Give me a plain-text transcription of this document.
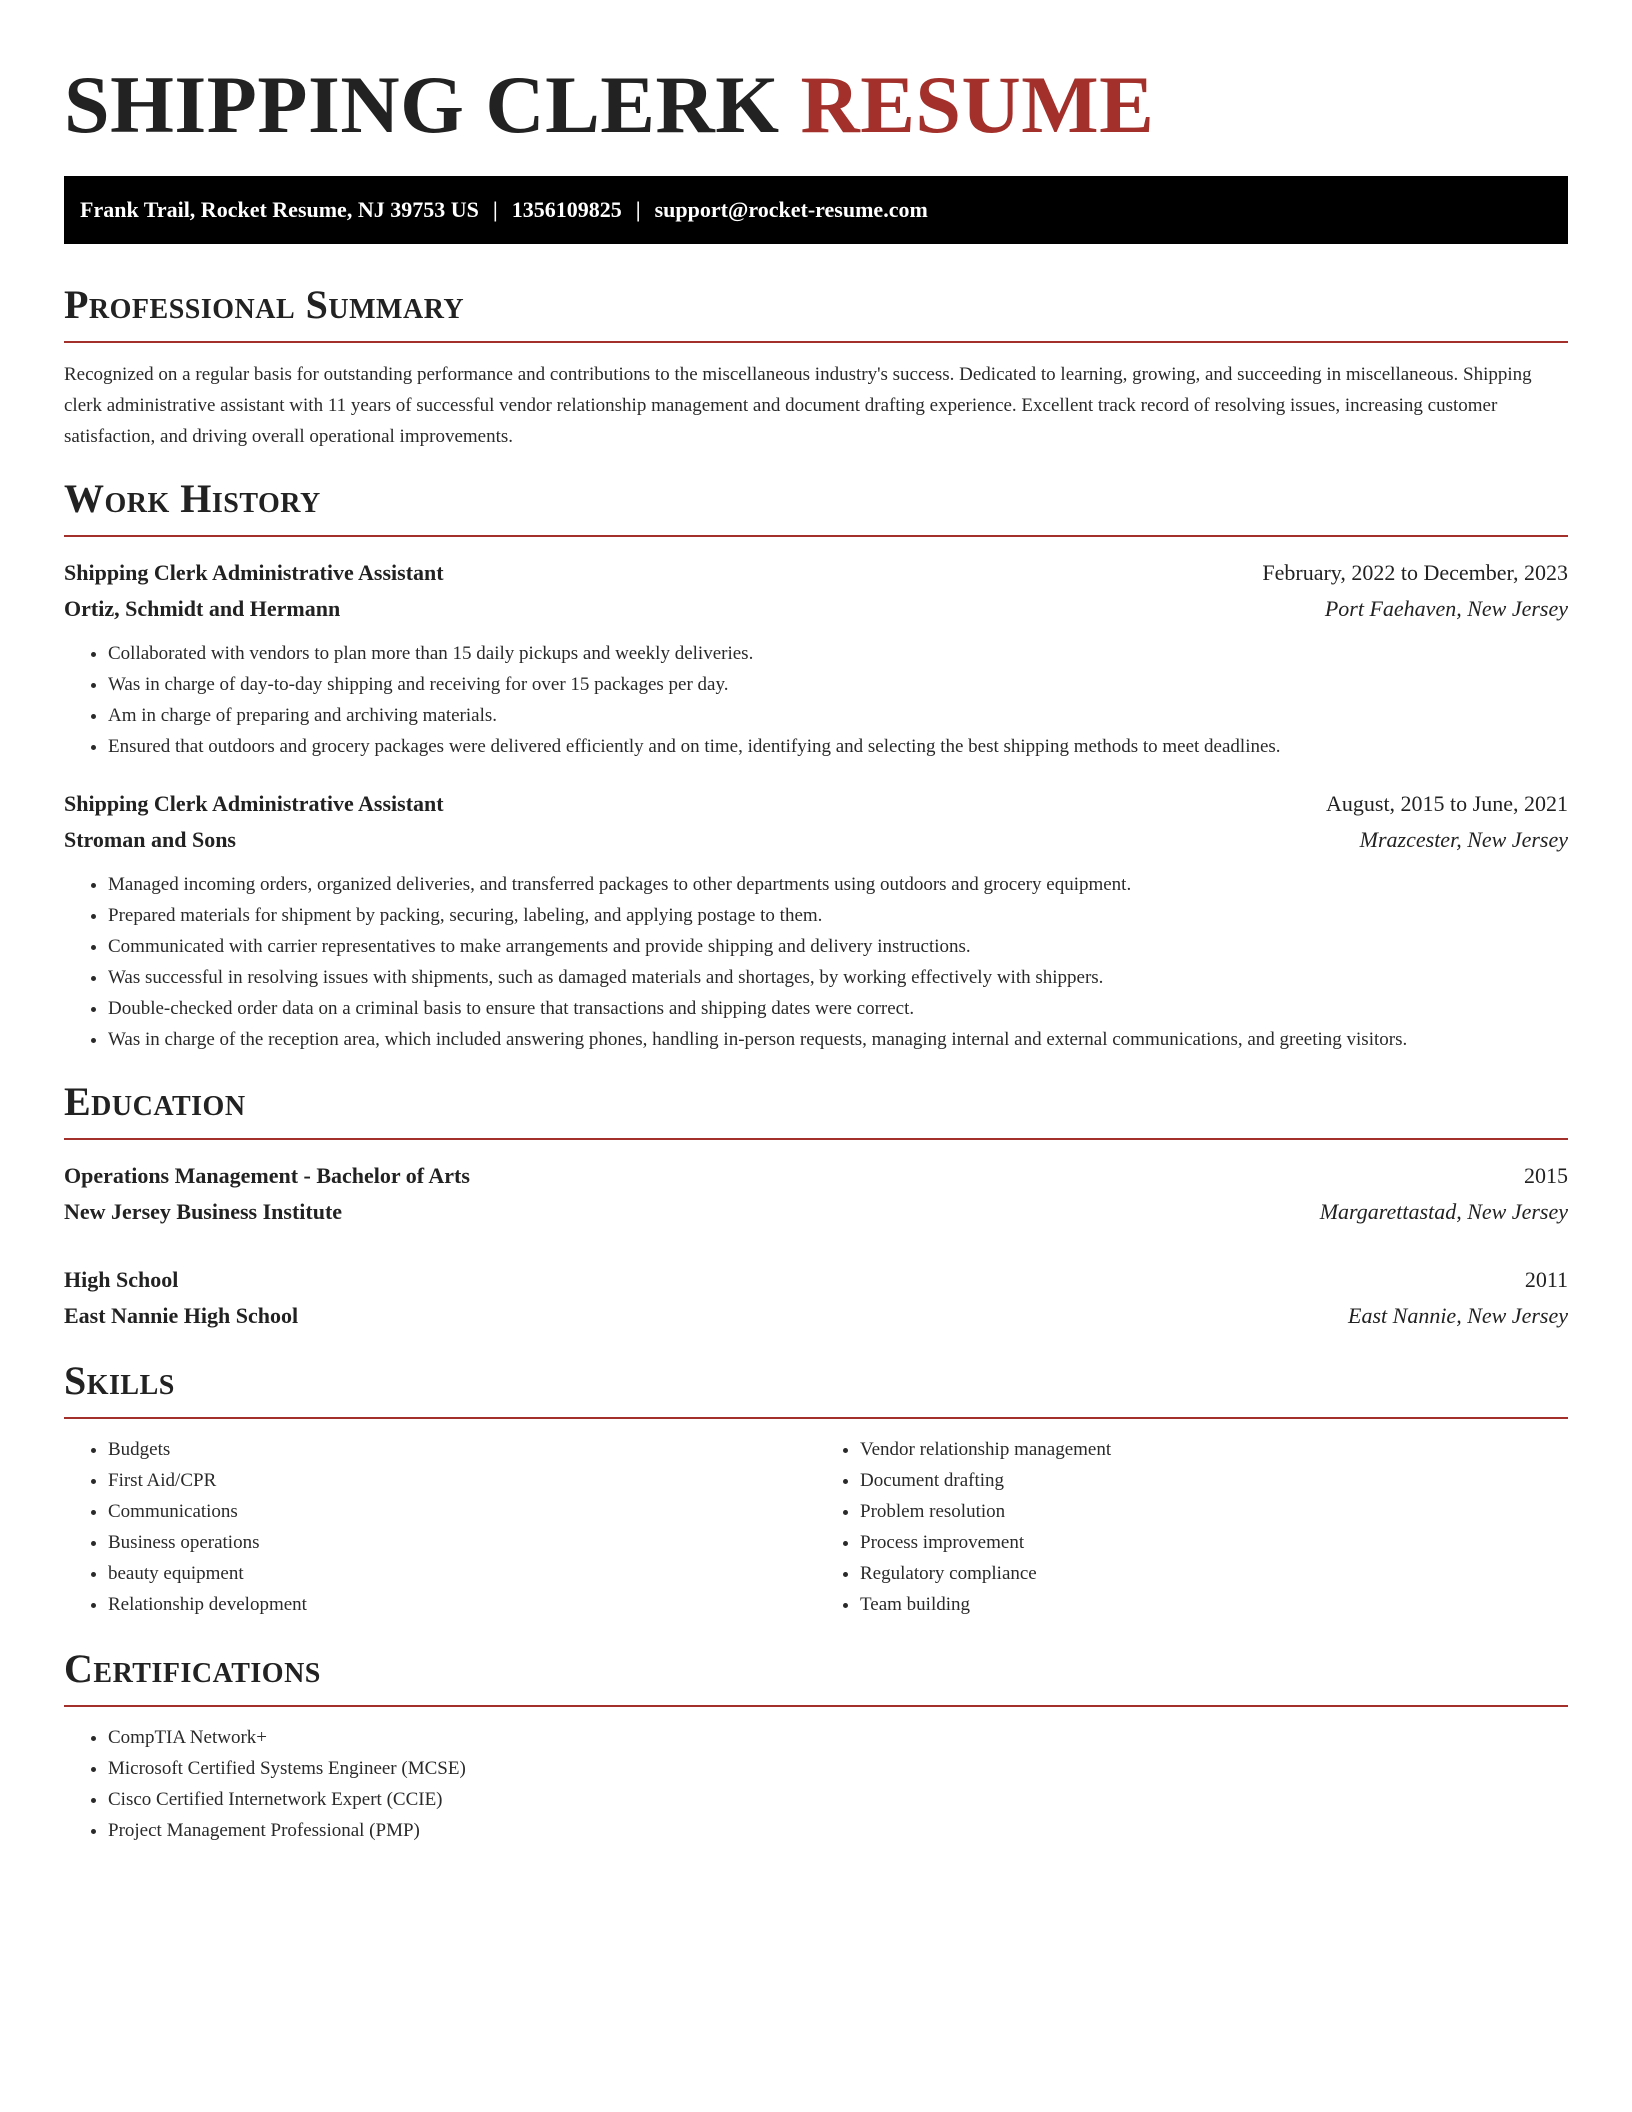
SHIPPING CLERK RESUME
Frank Trail, Rocket Resume, NJ 39753 US | 1356109825 | support@rocket-resume.com
Professional Summary

Recognized on a regular basis for outstanding performance and contributions to the miscellaneous industry's success. Dedicated to learning, growing, and succeeding in miscellaneous. Shipping clerk administrative assistant with 11 years of successful vendor relationship management and document drafting experience. Excellent track record of resolving issues, increasing customer satisfaction, and driving overall operational improvements.

Work History
Shipping Clerk Administrative Assistant	February, 2022 to December, 2023
Ortiz, Schmidt and Hermann	Port Faehaven, New Jersey
• Collaborated with vendors to plan more than 15 daily pickups and weekly deliveries.
• Was in charge of day-to-day shipping and receiving for over 15 packages per day.
• Am in charge of preparing and archiving materials.
• Ensured that outdoors and grocery packages were delivered efficiently and on time, identifying and selecting the best shipping methods to meet deadlines.
Shipping Clerk Administrative Assistant	August, 2015 to June, 2021
Stroman and Sons	Mrazcester, New Jersey
• Managed incoming orders, organized deliveries, and transferred packages to other departments using outdoors and grocery equipment.
• Prepared materials for shipment by packing, securing, labeling, and applying postage to them.
• Communicated with carrier representatives to make arrangements and provide shipping and delivery instructions.
• Was successful in resolving issues with shipments, such as damaged materials and shortages, by working effectively with shippers.
• Double-checked order data on a criminal basis to ensure that transactions and shipping dates were correct.
• Was in charge of the reception area, which included answering phones, handling in-person requests, managing internal and external communications, and greeting visitors.
Education
Operations Management - Bachelor of Arts	2015
New Jersey Business Institute	Margarettastad, New Jersey
High School	2011
East Nannie High School	East Nannie, New Jersey
Skills
• Budgets
• First Aid/CPR
• Communications
• Business operations
• beauty equipment
• Relationship development
• Vendor relationship management
• Document drafting
• Problem resolution
• Process improvement
• Regulatory compliance
• Team building
Certifications
• CompTIA Network+
• Microsoft Certified Systems Engineer (MCSE)
• Cisco Certified Internetwork Expert (CCIE)
• Project Management Professional (PMP)
